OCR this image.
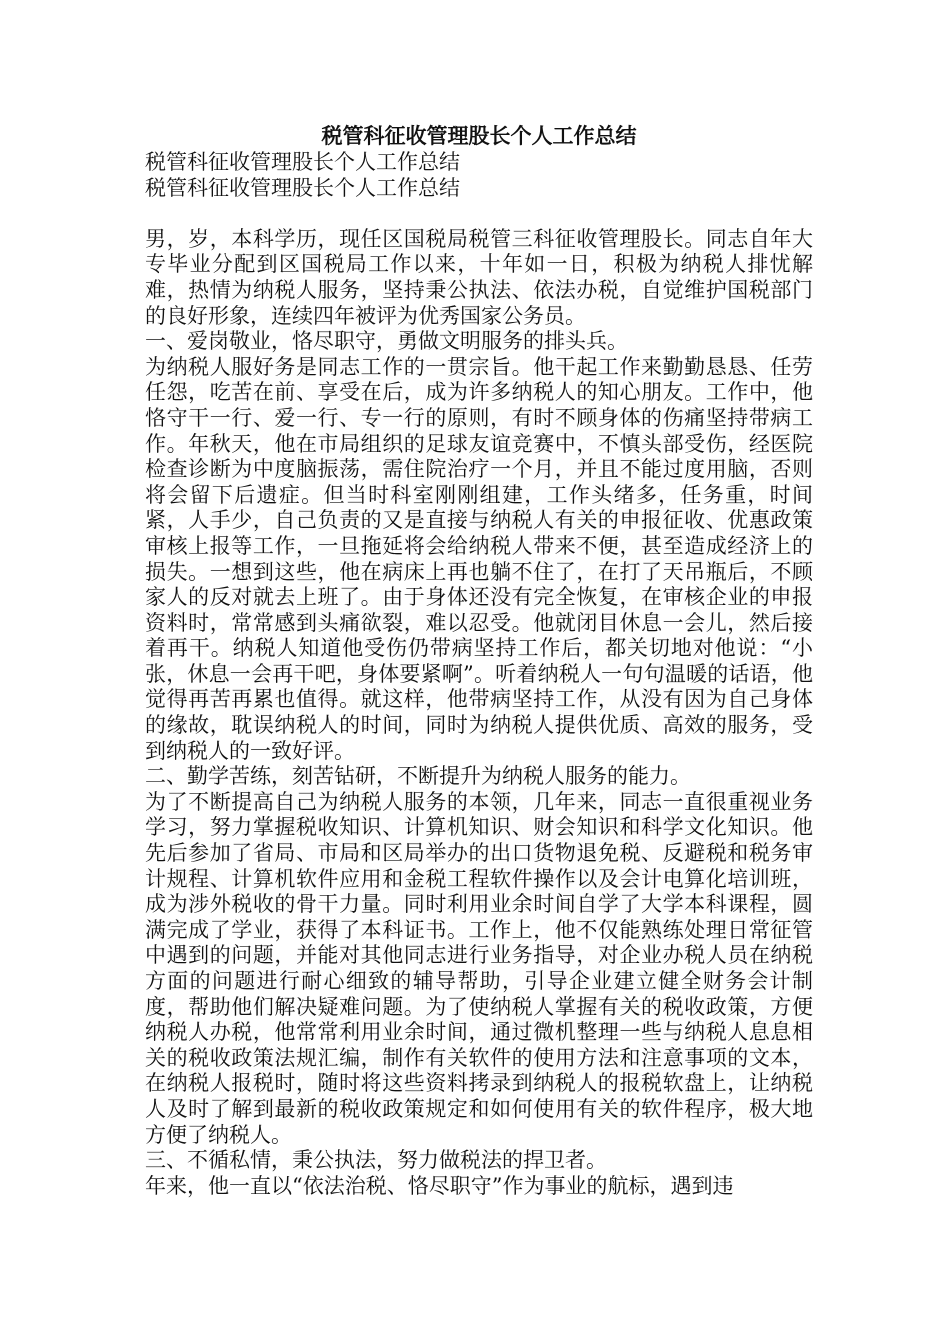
税管科征收管理股长个人工作总结
税管科征收管理股长个人工作总结
税管科征收管理股长个人工作总结
男，岁，本科学历，现任区国税局税管三科征收管理股长。同志自年大专毕业分配到区国税局工作以来，十年如一日，积极为纳税人排忧解难，热情为纳税人服务，坚持秉公执法、依法办税，自觉维护国税部门的良好形象，连续四年被评为优秀国家公务员。
一、爱岗敬业，恪尽职守，勇做文明服务的排头兵。
为纳税人服好务是同志工作的一贯宗旨。他干起工作来勤勤恳恳、任劳任怨，吃苦在前、享受在后，成为许多纳税人的知心朋友。工作中，他恪守干一行、爱一行、专一行的原则，有时不顾身体的伤痛坚持带病工作。年秋天，他在市局组织的足球友谊竞赛中，不慎头部受伤，经医院检查诊断为中度脑振荡，需住院治疗一个月，并且不能过度用脑，否则将会留下后遗症。但当时科室刚刚组建，工作头绪多，任务重，时间紧，人手少，自己负责的又是直接与纳税人有关的申报征收、优惠政策审核上报等工作，一旦拖延将会给纳税人带来不便，甚至造成经济上的损失。一想到这些，他在病床上再也躺不住了，在打了天吊瓶后，不顾家人的反对就去上班了。由于身体还没有完全恢复，在审核企业的申报资料时，常常感到头痛欲裂，难以忍受。他就闭目休息一会儿，然后接着再干。纳税人知道他受伤仍带病坚持工作后，都关切地对他说：“小张，休息一会再干吧，身体要紧啊”。听着纳税人一句句温暖的话语，他觉得再苦再累也值得。就这样，他带病坚持工作，从没有因为自己身体的缘故，耽误纳税人的时间，同时为纳税人提供优质、高效的服务，受到纳税人的一致好评。
二、勤学苦练，刻苦钻研，不断提升为纳税人服务的能力。
为了不断提高自己为纳税人服务的本领，几年来，同志一直很重视业务学习，努力掌握税收知识、计算机知识、财会知识和科学文化知识。他先后参加了省局、市局和区局举办的出口货物退免税、反避税和税务审计规程、计算机软件应用和金税工程软件操作以及会计电算化培训班，成为涉外税收的骨干力量。同时利用业余时间自学了大学本科课程，圆满完成了学业，获得了本科证书。工作上，他不仅能熟练处理日常征管中遇到的问题，并能对其他同志进行业务指导，对企业办税人员在纳税方面的问题进行耐心细致的辅导帮助，引导企业建立健全财务会计制度，帮助他们解决疑难问题。为了使纳税人掌握有关的税收政策，方便纳税人办税，他常常利用业余时间，通过微机整理一些与纳税人息息相关的税收政策法规汇编，制作有关软件的使用方法和注意事项的文本，在纳税人报税时，随时将这些资料拷录到纳税人的报税软盘上，让纳税人及时了解到最新的税收政策规定和如何使用有关的软件程序，极大地方便了纳税人。
三、不循私情，秉公执法，努力做税法的捍卫者。
年来，他一直以“依法治税、恪尽职守”作为事业的航标，遇到违
